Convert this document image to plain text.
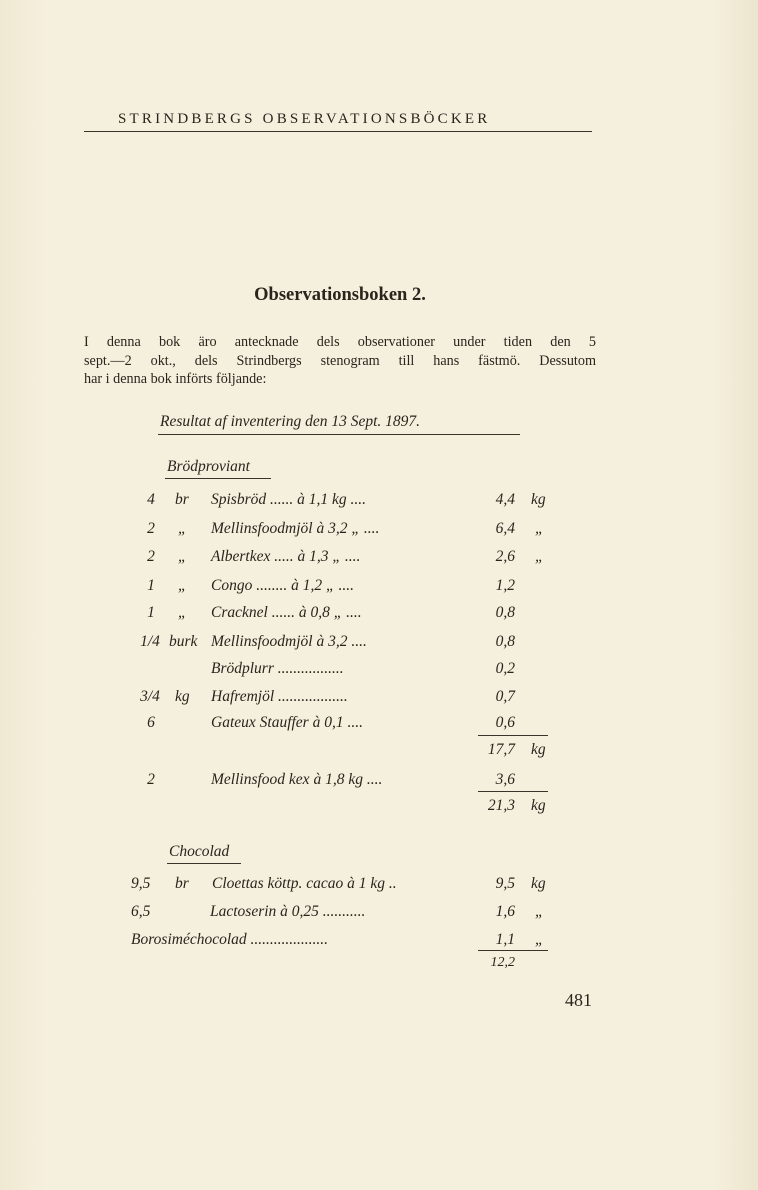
STRINDBERGS OBSERVATIONSBÖCKER
Observationsboken 2.
I denna bok äro antecknade dels observationer under tiden den 5
sept.—2 okt., dels Strindbergs stenogram till hans fästmö. Dessutom
har i denna bok införts följande:
Resultat af inventering den 13 Sept. 1897.
Brödproviant
4	br Spisbröd ...... à 1,1 kg ....	4,4 kg
2	„ Mellinsfoodmjöl à 3,2 „ ....	6,4 „
2	„ Albertkex ..... à 1,3 „ ....	2,6 „
1	„ Congo ........ à 1,2 „ ....	1,2
1	„ Cracknel ...... à 0,8 „ ....	0,8
1/4 burk Mellinsfoodmjöl à 3,2 ....	0,8
Brödplurr .................	0,2
3/4 kg Hafremjöl ..................	0,7
6	Gateux Stauffer à 0,1 ....	0,6
17,7 kg
2	Mellinsfood kex à 1,8 kg ....	3,6
21,3 kg
Chocolad
9,5 br Cloettas köttp. cacao à 1 kg ..	9,5 kg
6,5	Lactoserin à 0,25 ...........	1,6 „
Borosiméchocolad ....................	1,1 „
12,2
481
